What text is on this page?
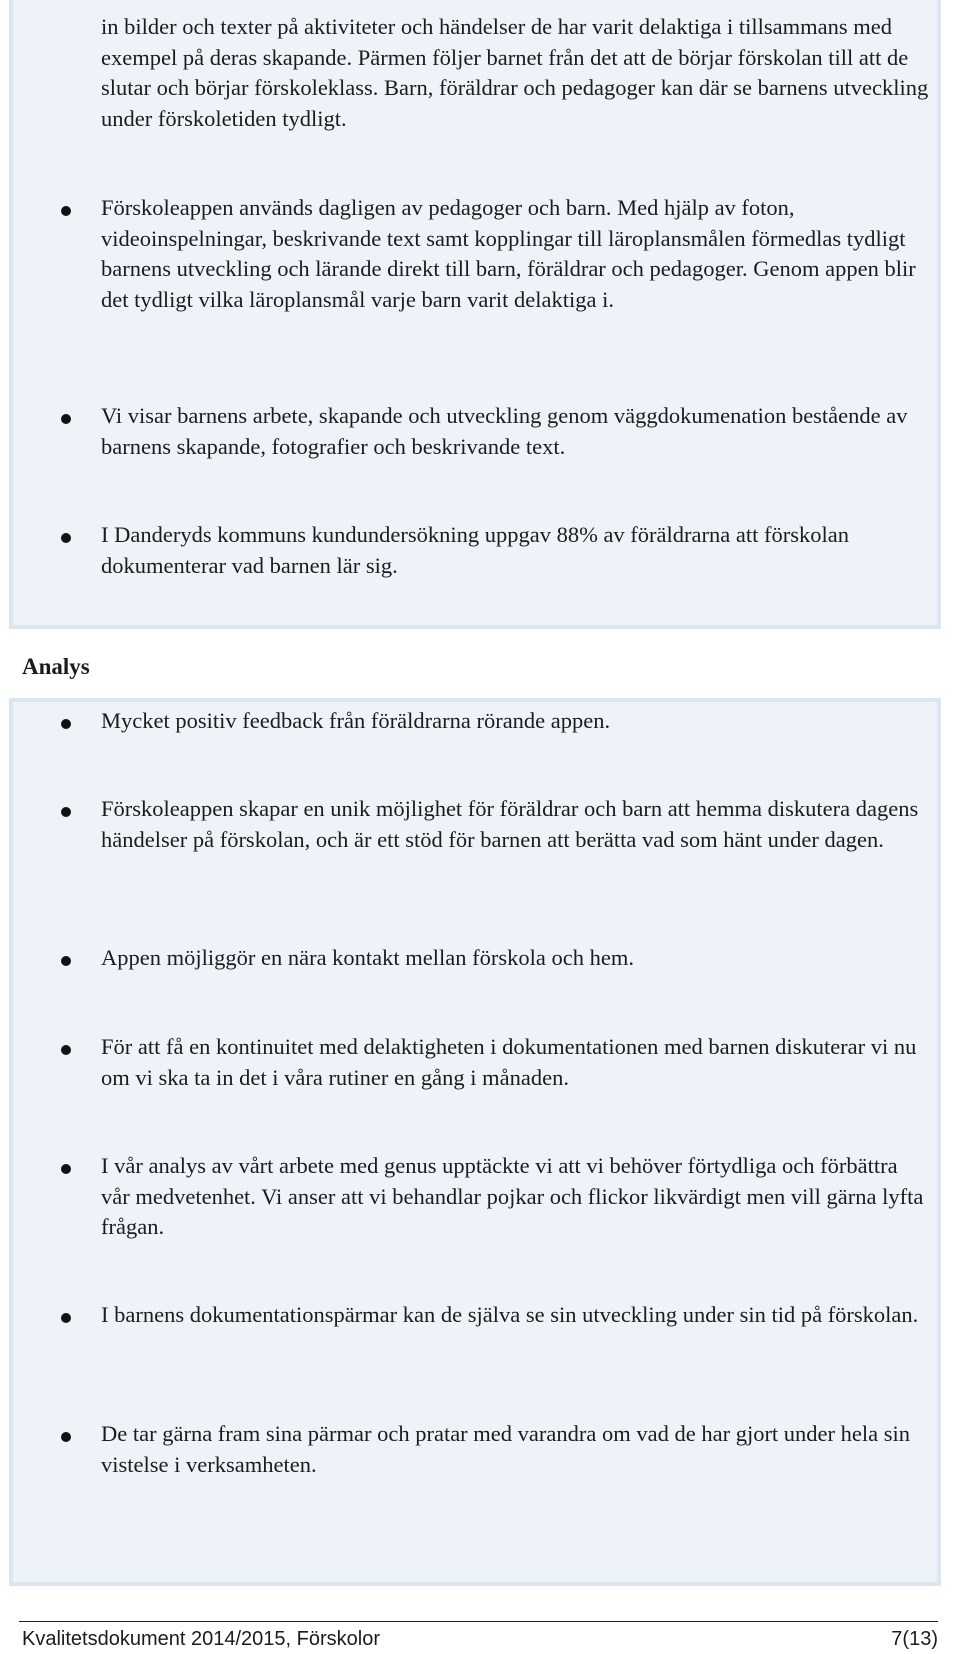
in bilder och texter på aktiviteter och händelser de har varit delaktiga i tillsammans med exempel på deras skapande. Pärmen följer barnet från det att de börjar förskolan till att de slutar och börjar förskoleklass. Barn, föräldrar och pedagoger kan där se barnens utveckling under förskoletiden tydligt.

Förskoleappen används dagligen av pedagoger och barn. Med hjälp av foton, videoinspelningar, beskrivande text samt kopplingar till läroplansmålen förmedlas tydligt barnens utveckling och lärande direkt till barn, föräldrar och pedagoger. Genom appen blir det tydligt vilka läroplansmål varje barn varit delaktiga i.

Vi visar barnens arbete, skapande och utveckling genom väggdokumenation bestående av barnens skapande, fotografier och beskrivande text.

I Danderyds kommuns kundundersökning uppgav 88% av föräldrarna att förskolan dokumenterar vad barnen lär sig.

Analys

Mycket positiv feedback från föräldrarna rörande appen.

Förskoleappen skapar en unik möjlighet för föräldrar och barn att hemma diskutera dagens händelser på förskolan, och är ett stöd för barnen att berätta vad som hänt under dagen.

Appen möjliggör en nära kontakt mellan förskola och hem.

För att få en kontinuitet med delaktigheten i dokumentationen med barnen diskuterar vi nu om vi ska ta in det i våra rutiner en gång i månaden.

I vår analys av vårt arbete med genus upptäckte vi att vi behöver förtydliga och förbättra vår medvetenhet. Vi anser att vi behandlar pojkar och flickor likvärdigt men vill gärna lyfta frågan.

I barnens dokumentationspärmar kan de själva se sin utveckling under sin tid på förskolan.

De tar gärna fram sina pärmar och pratar med varandra om vad de har gjort under hela sin vistelse i verksamheten.

Kvalitetsdokument 2014/2015, Förskolor	7(13)
